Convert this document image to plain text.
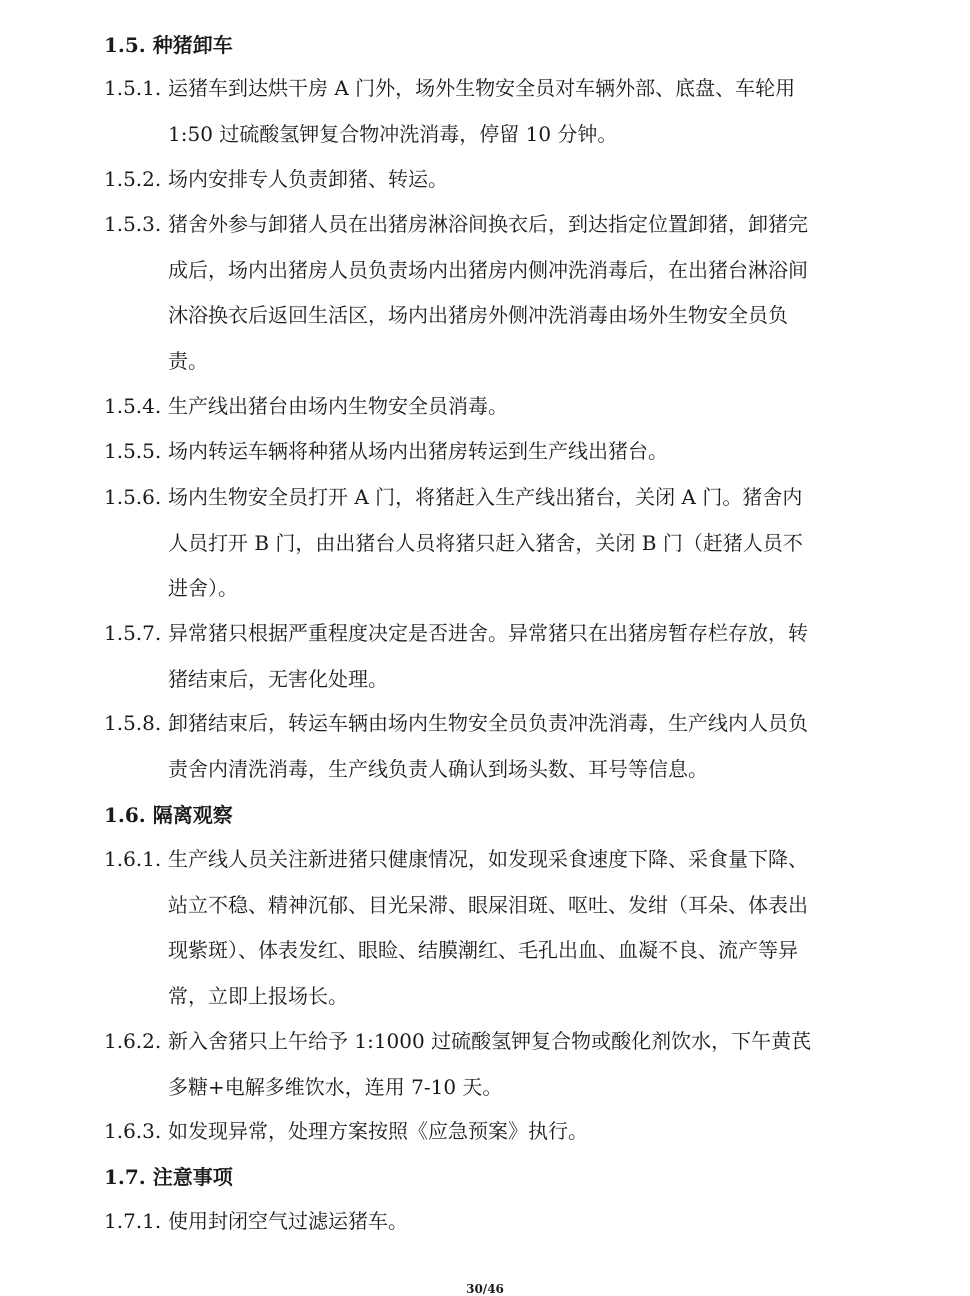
1.5. 种猪卸车
1.5.1. 运猪车到达烘干房 A 门外，场外生物安全员对车辆外部、底盘、车轮用
1:50 过硫酸氢钾复合物冲洗消毒，停留 10 分钟。
1.5.2. 场内安排专人负责卸猪、转运。
1.5.3. 猪舍外参与卸猪人员在出猪房淋浴间换衣后，到达指定位置卸猪，卸猪完
成后，场内出猪房人员负责场内出猪房内侧冲洗消毒后，在出猪台淋浴间
沐浴换衣后返回生活区，场内出猪房外侧冲洗消毒由场外生物安全员负
责。
1.5.4. 生产线出猪台由场内生物安全员消毒。
1.5.5. 场内转运车辆将种猪从场内出猪房转运到生产线出猪台。
1.5.6. 场内生物安全员打开 A 门，将猪赶入生产线出猪台，关闭 A 门。猪舍内
人员打开 B 门，由出猪台人员将猪只赶入猪舍，关闭 B 门（赶猪人员不
进舍）。
1.5.7. 异常猪只根据严重程度决定是否进舍。异常猪只在出猪房暂存栏存放，转
猪结束后，无害化处理。
1.5.8. 卸猪结束后，转运车辆由场内生物安全员负责冲洗消毒，生产线内人员负
责舍内清洗消毒，生产线负责人确认到场头数、耳号等信息。
1.6. 隔离观察
1.6.1. 生产线人员关注新进猪只健康情况，如发现采食速度下降、采食量下降、
站立不稳、精神沉郁、目光呆滞、眼屎泪斑、呕吐、发绀（耳朵、体表出
现紫斑）、体表发红、眼睑、结膜潮红、毛孔出血、血凝不良、流产等异
常，立即上报场长。
1.6.2. 新入舍猪只上午给予 1:1000 过硫酸氢钾复合物或酸化剂饮水，下午黄芪
多糖+电解多维饮水，连用 7-10 天。
1.6.3. 如发现异常，处理方案按照《应急预案》执行。
1.7. 注意事项
1.7.1. 使用封闭空气过滤运猪车。
30/46
